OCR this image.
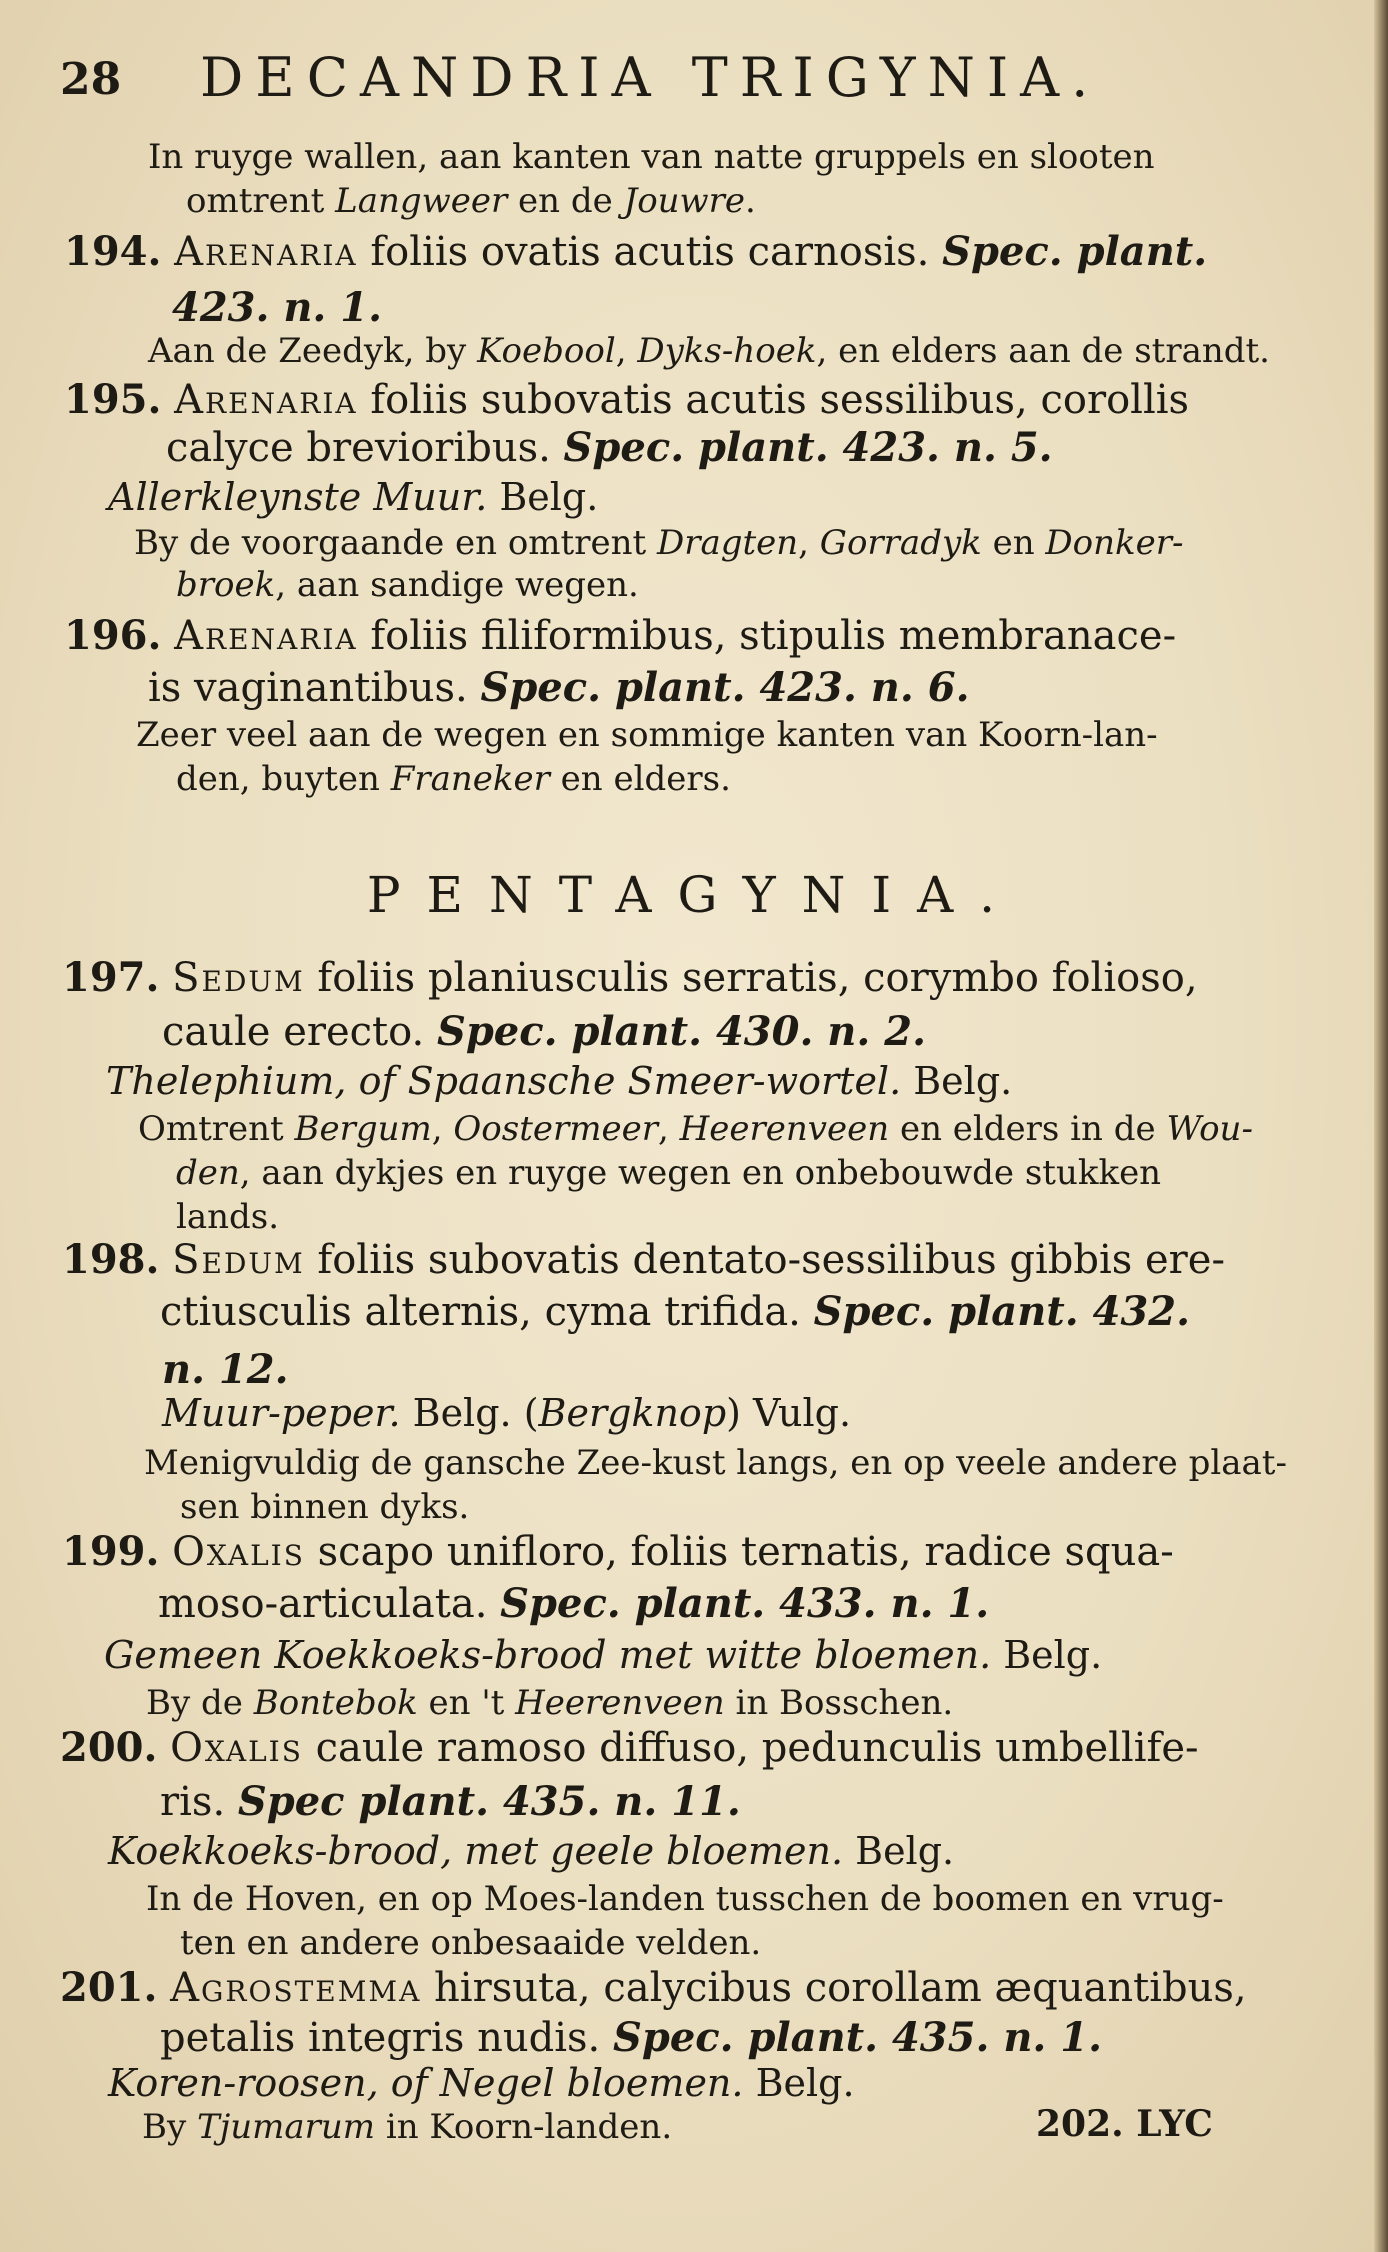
28 DECANDRIA TRIGYNIA.
In ruyge wallen, aan kanten van natte gruppels en slooten
omtrent Langweer en de Jouwre.
194. Arenaria foliis ovatis acutis carnosis. Spec. plant.
423. n. 1.
Aan de Zeedyk, by Koebool, Dyks-hoek, en elders aan de strandt.
195. Arenaria foliis subovatis acutis sessilibus, corollis
calyce brevioribus. Spec. plant. 423. n. 5.
Allerkleynste Muur. Belg.
By de voorgaande en omtrent Dragten, Gorradyk en Donker-
broek, aan sandige wegen.
196. Arenaria foliis filiformibus, stipulis membranace-
is vaginantibus. Spec. plant. 423. n. 6.
Zeer veel aan de wegen en sommige kanten van Koorn-lan-
den, buyten Franeker en elders.
PENTAGYNIA.
197. Sedum foliis planiusculis serratis, corymbo folioso,
caule erecto. Spec. plant. 430. n. 2.
Thelephium, of Spaansche Smeer-wortel. Belg.
Omtrent Bergum, Oostermeer, Heerenveen en elders in de Wou-
den, aan dykjes en ruyge wegen en onbebouwde stukken
lands.
198. Sedum foliis subovatis dentato-sessilibus gibbis ere-
ctiusculis alternis, cyma trifida. Spec. plant. 432.
n. 12.
Muur-peper. Belg. (Bergknop) Vulg.
Menigvuldig de gansche Zee-kust langs, en op veele andere plaat-
sen binnen dyks.
199. Oxalis scapo unifloro, foliis ternatis, radice squa-
moso-articulata. Spec. plant. 433. n. 1.
Gemeen Koekkoeks-brood met witte bloemen. Belg.
By de Bontebok en 't Heerenveen in Bosschen.
200. Oxalis caule ramoso diffuso, pedunculis umbellife-
ris. Spec plant. 435. n. 11.
Koekkoeks-brood, met geele bloemen. Belg.
In de Hoven, en op Moes-landen tusschen de boomen en vrug-
ten en andere onbesaaide velden.
201. Agrostemma hirsuta, calycibus corollam æquantibus,
petalis integris nudis. Spec. plant. 435. n. 1.
Koren-roosen, of Negel bloemen. Belg.
By Tjumarum in Koorn-landen.	202. LYC
